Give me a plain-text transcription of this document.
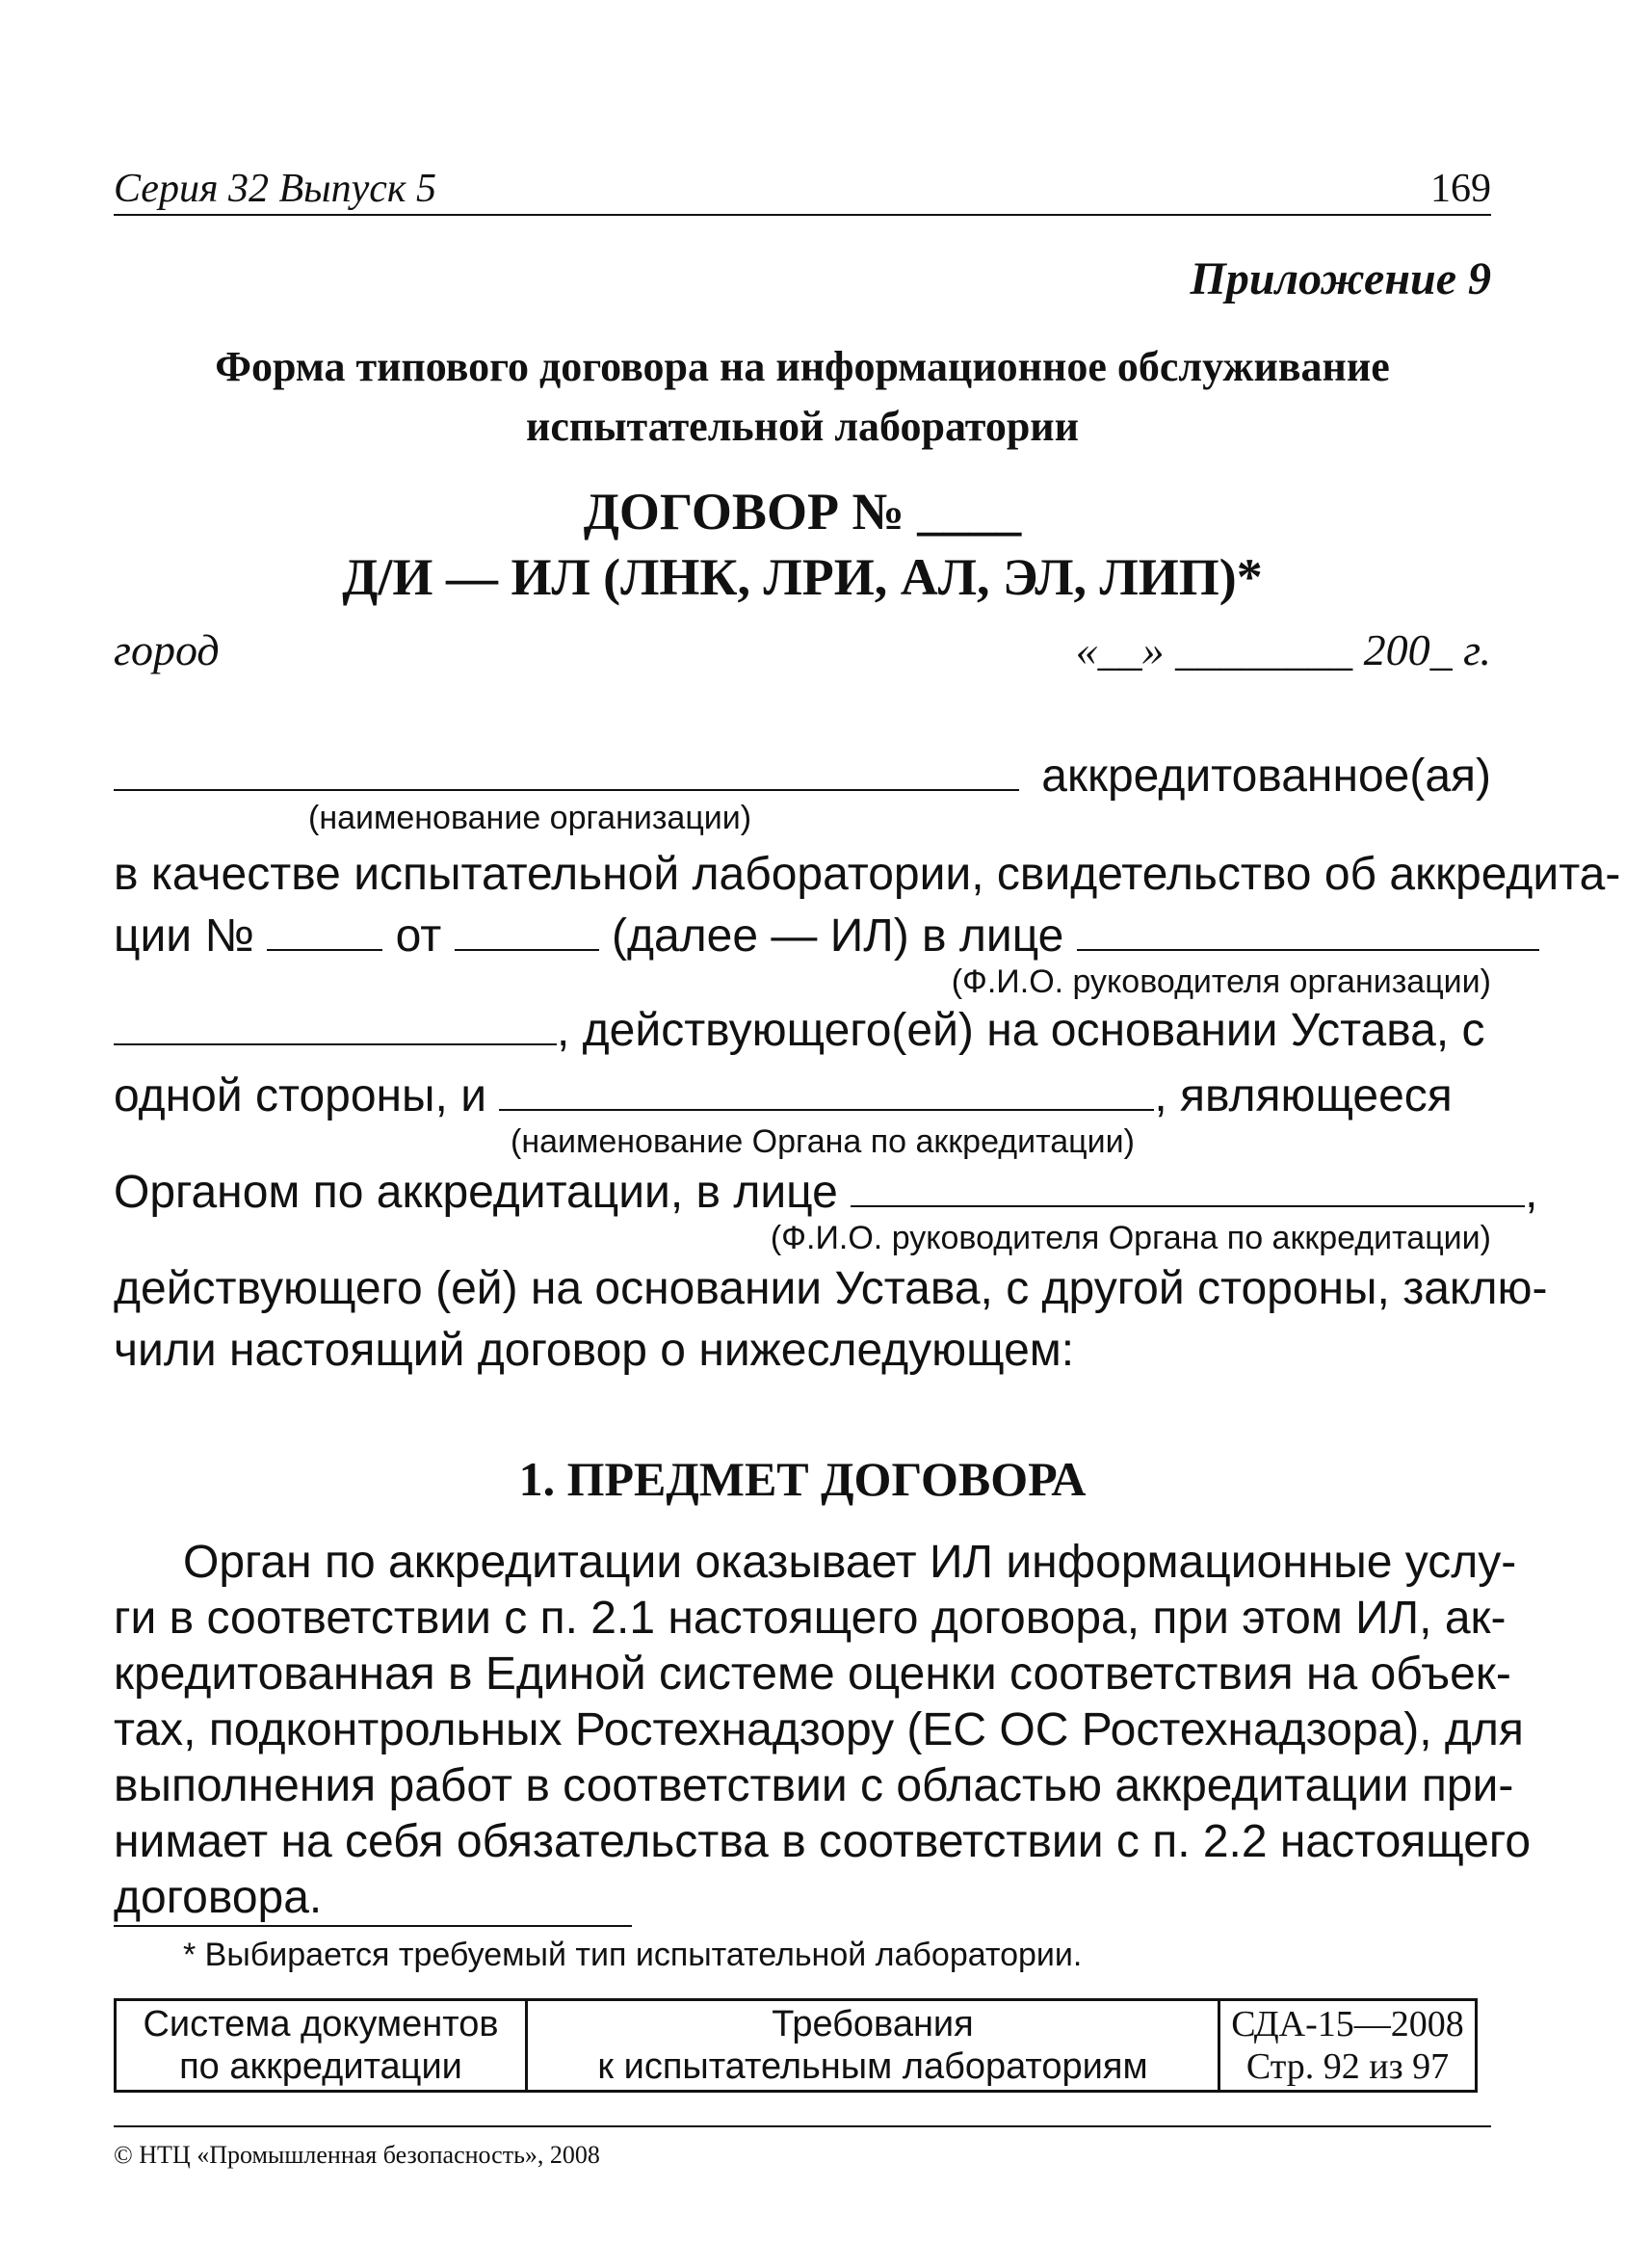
Серия 32 Выпуск 5	169
Приложение 9
Форма типового договора на информационное обслуживание испытательной лаборатории
ДОГОВОР № ____
Д/И — ИЛ (ЛНК, ЛРИ, АЛ, ЭЛ, ЛИП)*
город	«__» ________ 200_ г.
аккредитованное(ая)
(наименование организации)
в качестве испытательной лаборатории, свидетельство об аккредита-
ции №	от	(далее — ИЛ) в лице
(Ф.И.О. руководителя организации)
, действующего(ей) на основании Устава, с
одной стороны, и	, являющееся
(наименование Органа по аккредитации)
Органом по аккредитации, в лице	,
(Ф.И.О. руководителя Органа по аккредитации)
действующего (ей) на основании Устава, с другой стороны, заклю-
чили настоящий договор о нижеследующем:
1. ПРЕДМЕТ ДОГОВОРА
Орган по аккредитации оказывает ИЛ информационные услу-
ги в соответствии с п. 2.1 настоящего договора, при этом ИЛ, ак-
кредитованная в Единой системе оценки соответствия на объек-
тах, подконтрольных Ростехнадзору (ЕС ОС Ростехнадзора), для
выполнения работ в соответствии с областью аккредитации при-
нимает на себя обязательства в соответствии с п. 2.2 настоящего
договора.
* Выбирается требуемый тип испытательной лаборатории.
Система документов
по аккредитации

Требования
к испытательным лабораториям

СДА-15—2008
Стр. 92 из 97
© НТЦ «Промышленная безопасность», 2008
